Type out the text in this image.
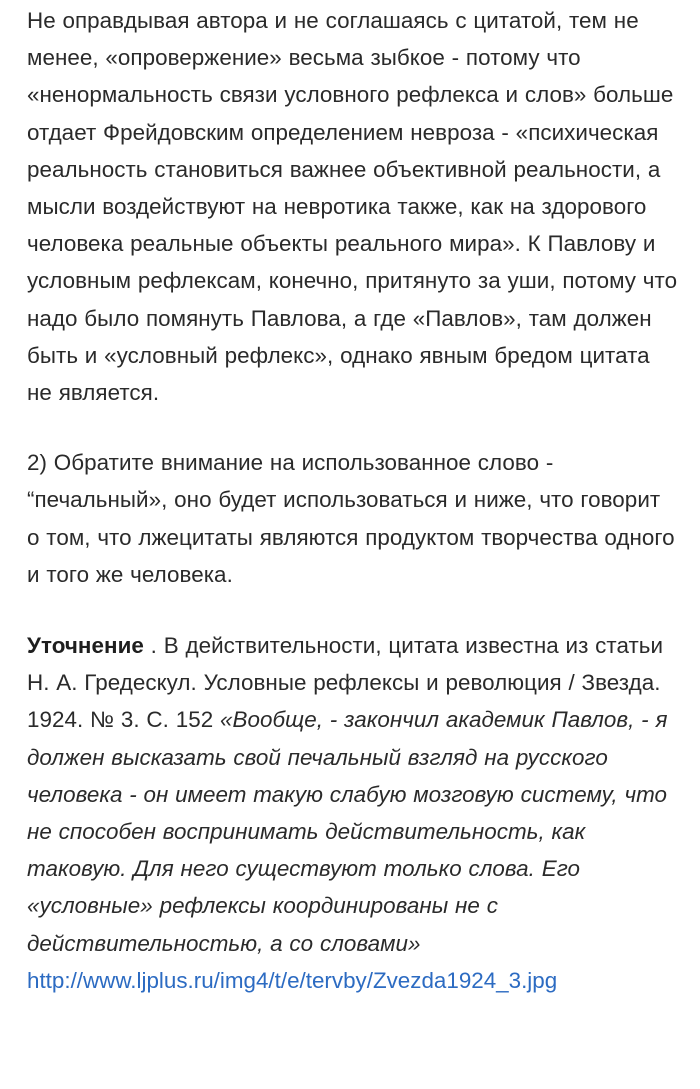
Не оправдывая автора и не соглашаясь с цитатой, тем не менее, «опровержение» весьма зыбкое - потому что «ненормальность связи условного рефлекса и слов» больше отдает Фрейдовским определением невроза - «психическая реальность становиться важнее объективной реальности, а мысли воздействуют на невротика также, как на здорового человека реальные объекты реального мира». К Павлову и условным рефлексам, конечно, притянуто за уши, потому что надо было помянуть Павлова, а где «Павлов», там должен быть и «условный рефлекс», однако явным бредом цитата не является.

2) Обратите внимание на использованное слово - “печальный», оно будет использоваться и ниже, что говорит о том, что лжецитаты являются продуктом творчества одного и того же человека.

Уточнение . В действительности, цитата известна из статьи Н. А. Гредескул. Условные рефлексы и революция / Звезда. 1924. № 3. С. 152 «Вообще, - закончил академик Павлов, - я должен высказать свой печальный взгляд на русского человека - он имеет такую слабую мозговую систему, что не способен воспринимать действительность, как таковую. Для него существуют только слова. Его «условные» рефлексы координированы не с действительностью, а со словами»

http://www.ljplus.ru/img4/t/e/tervby/Zvezda1924_3.jpg
